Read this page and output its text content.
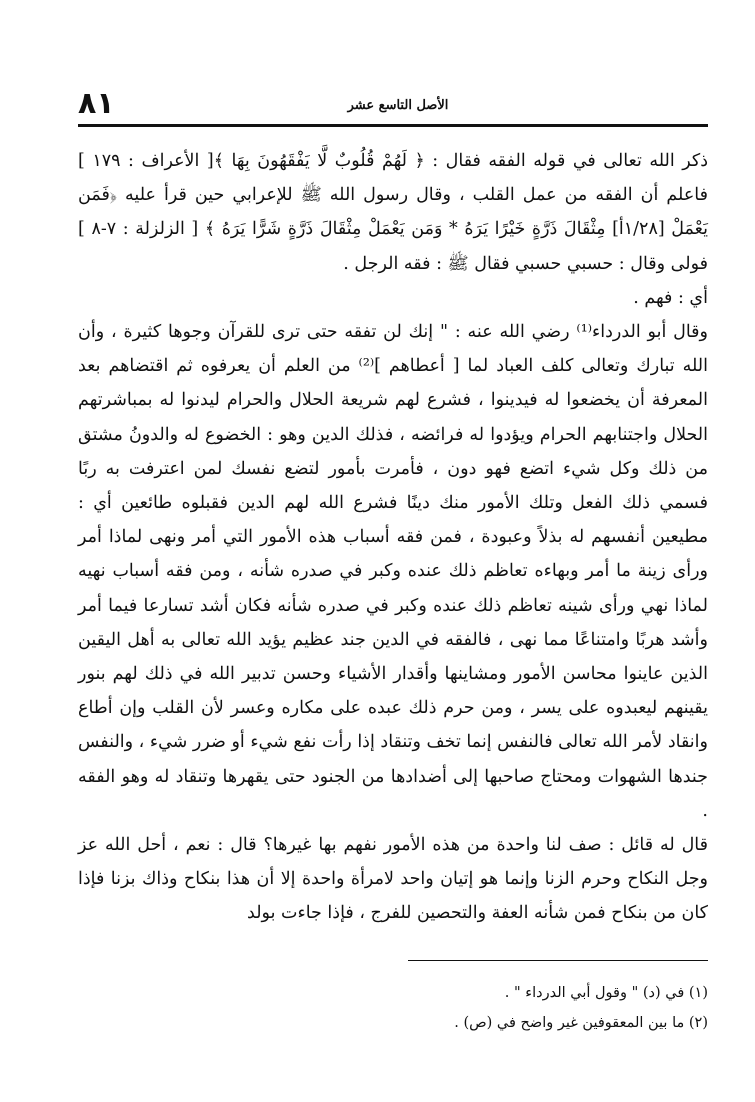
٨١	الأصل التاسع عشر

ذكر الله تعالى في قوله الفقه فقال : ﴿ لَهُمْ قُلُوبٌ لَّا يَفْقَهُونَ بِهَا ﴾[ الأعراف : ١٧٩ ] فاعلم أن الفقه من عمل القلب ، وقال رسول الله ﷺ للإعرابي حين قرأ عليه ﴿فَمَن يَعْمَلْ [١/٢٨أ] مِثْقَالَ ذَرَّةٍ خَيْرًا يَرَهُ * وَمَن يَعْمَلْ مِثْقَالَ ذَرَّةٍ شَرًّا يَرَهُ ﴾ [ الزلزلة : ٧-٨ ] فولى وقال : حسبي حسبي فقال ﷺ : فقه الرجل .

أي : فهم .

وقال أبو الدرداء⁽¹⁾ رضي الله عنه : " إنك لن تفقه حتى ترى للقرآن وجوها كثيرة ، وأن الله تبارك وتعالى كلف العباد لما [ أعطاهم ]⁽²⁾ من العلم أن يعرفوه ثم اقتضاهم بعد المعرفة أن يخضعوا له فيدينوا ، فشرع لهم شريعة الحلال والحرام ليدنوا له بمباشرتهم الحلال واجتنابهم الحرام ويؤدوا له فرائضه ، فذلك الدين وهو : الخضوع له والدونُ مشتق من ذلك وكل شيء اتضع فهو دون ، فأمرت بأمور لتضع نفسك لمن اعترفت به ربًا فسمي ذلك الفعل وتلك الأمور منك دينًا فشرع الله لهم الدين فقبلوه طائعين أي : مطيعين أنفسهم له بذلاً وعبودة ، فمن فقه أسباب هذه الأمور التي أمر ونهى لماذا أمر ورأى زينة ما أمر وبهاءه تعاظم ذلك عنده وكبر في صدره شأنه ، ومن فقه أسباب نهيه لماذا نهي ورأى شينه تعاظم ذلك عنده وكبر في صدره شأنه فكان أشد تسارعا فيما أمر وأشد هربًا وامتناعًا مما نهى ، فالفقه في الدين جند عظيم يؤيد الله تعالى به أهل اليقين الذين عاينوا محاسن الأمور ومشاينها وأقدار الأشياء وحسن تدبير الله في ذلك لهم بنور يقينهم ليعبدوه على يسر ، ومن حرم ذلك عبده على مكاره وعسر لأن القلب وإن أطاع وانقاد لأمر الله تعالى فالنفس إنما تخف وتنقاد إذا رأت نفع شيء أو ضرر شيء ، والنفس جندها الشهوات ومحتاج صاحبها إلى أضدادها من الجنود حتى يقهرها وتنقاد له وهو الفقه .

قال له قائل : صف لنا واحدة من هذه الأمور نفهم بها غيرها؟ قال : نعم ، أحل الله عز وجل النكاح وحرم الزنا وإنما هو إتيان واحد لامرأة واحدة إلا أن هذا بنكاح وذاك بزنا فإذا كان من بنكاح فمن شأنه العفة والتحصين للفرج ، فإذا جاءت بولد

(١) في (د) " وقول أبي الدرداء " .

(٢) ما بين المعقوفين غير واضح في (ص) .
